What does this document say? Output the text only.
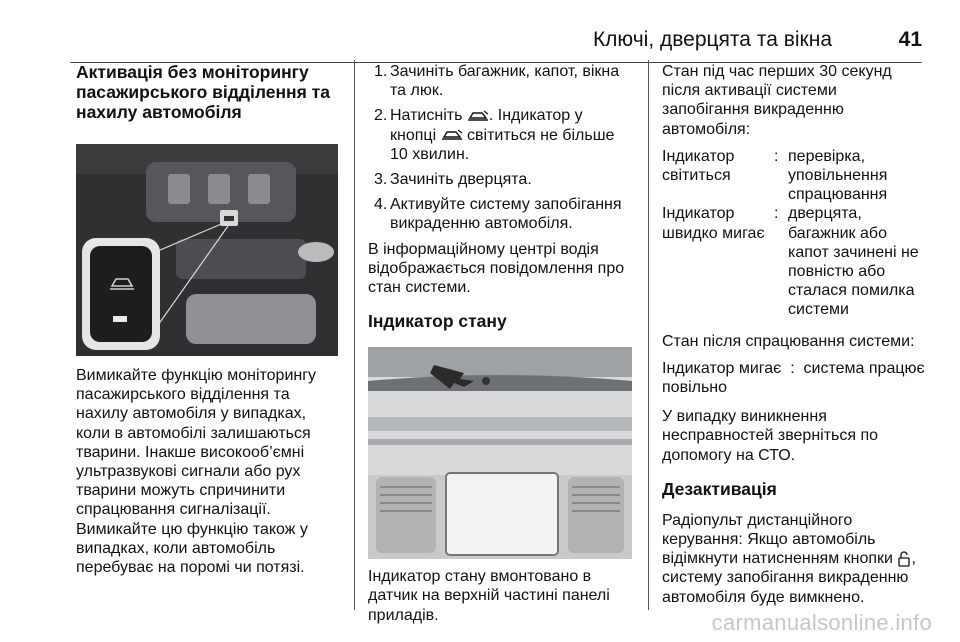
Ключі, дверцята та вікна	41
Активація без моніторингу
пасажирського відділення та
нахилу автомобіля
Вимикайте функцію моніторингу
пасажирського відділення та
нахилу автомобіля у випадках,
коли в автомобілі залишаються
тварини. Інакше високооб’ємні
ультразвукові сигнали або рух
тварини можуть спричинити
спрацювання сигналізації.
Вимикайте цю функцію також у
випадках, коли автомобіль
перебуває на поромі чи потязі.
1. Зачиніть багажник, капот, вікна
та люк.
2. Натисніть . Індикатор у
кнопці світиться не більше
10 хвилин.
3. Зачиніть дверцята.
4. Активуйте систему запобігання
викраденню автомобіля.
В інформаційному центрі водія
відображається повідомлення про
стан системи.
Індикатор стану
Індикатор стану вмонтовано в
датчик на верхній частині панелі
приладів.
Стан під час перших 30 секунд
після активації системи
запобігання викраденню
автомобіля:
Індикатор
світиться
: перевірка,
уповільнення
спрацювання
Індикатор
швидко мигає
: дверцята,
багажник або
капот зачинені не
повністю або
сталася помилка
системи
Стан після спрацювання системи:
Індикатор мигає  :  система працює
повільно
У випадку виникнення
несправностей зверніться по
допомогу на СТО.
Дезактивація
Радіопульт дистанційного
керування: Якщо автомобіль
відімкнути натисненням кнопки ,
систему запобігання викраденню
автомобіля буде вимкнено.
carmanualsonline.info
